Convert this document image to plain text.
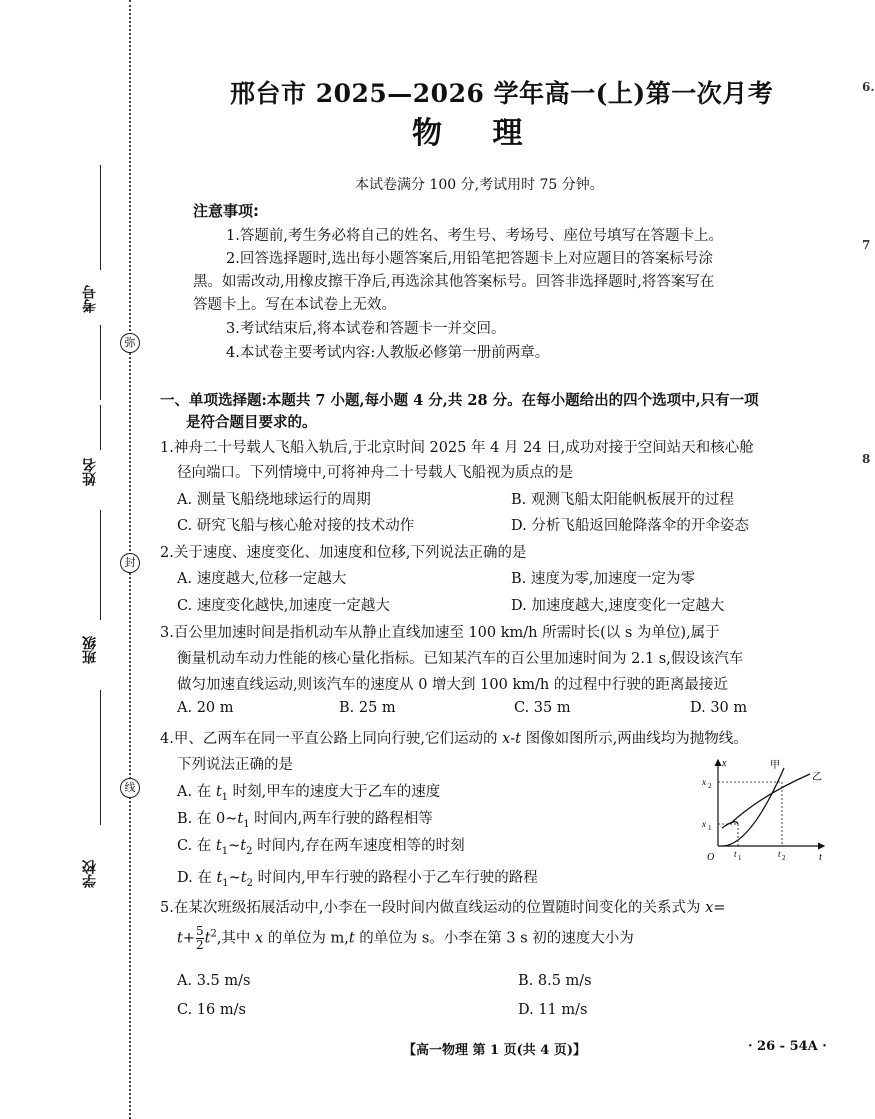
弥
封
线
考号
姓名
班级
学校
6.
7
8
邢台市 2025—2026 学年高一(上)第一次月考
物 理
本试卷满分 100 分,考试用时 75 分钟。
注意事项:
1.答题前,考生务必将自己的姓名、考生号、考场号、座位号填写在答题卡上。
2.回答选择题时,选出每小题答案后,用铅笔把答题卡上对应题目的答案标号涂
黑。如需改动,用橡皮擦干净后,再选涂其他答案标号。回答非选择题时,将答案写在
答题卡上。写在本试卷上无效。
3.考试结束后,将本试卷和答题卡一并交回。
4.本试卷主要考试内容:人教版必修第一册前两章。
一、单项选择题:本题共 7 小题,每小题 4 分,共 28 分。在每小题给出的四个选项中,只有一项
是符合题目要求的。
1.神舟二十号载人飞船入轨后,于北京时间 2025 年 4 月 24 日,成功对接于空间站天和核心舱
径向端口。下列情境中,可将神舟二十号载人飞船视为质点的是
A. 测量飞船绕地球运行的周期	B. 观测飞船太阳能帆板展开的过程
C. 研究飞船与核心舱对接的技术动作	D. 分析飞船返回舱降落伞的开伞姿态
2.关于速度、速度变化、加速度和位移,下列说法正确的是
A. 速度越大,位移一定越大	B. 速度为零,加速度一定为零
C. 速度变化越快,加速度一定越大	D. 加速度越大,速度变化一定越大
3.百公里加速时间是指机动车从静止直线加速至 100 km/h 所需时长(以 s 为单位),属于
衡量机动车动力性能的核心量化指标。已知某汽车的百公里加速时间为 2.1 s,假设该汽车
做匀加速直线运动,则该汽车的速度从 0 增大到 100 km/h 的过程中行驶的距离最接近
A. 20 m	B. 25 m	C. 35 m	D. 30 m
4.甲、乙两车在同一平直公路上同向行驶,它们运动的 x-t 图像如图所示,两曲线均为抛物线。
下列说法正确的是
A. 在 $t_1$ 时刻,甲车的速度大于乙车的速度
B. 在 $0\sim t_1$ 时间内,两车行驶的路程相等
C. 在 $t_1\sim t_2$ 时间内,存在两车速度相等的时刻
D. 在 $t_1\sim t_2$ 时间内,甲车行驶的路程小于乙车行驶的路程
x
t
O
甲
乙
x 2
x 1
t 1	t 2
5.在某次班级拓展活动中,小李在一段时间内做直线运动的位置随时间变化的关系式为 x=
$t+ \frac{5}{2} t^2$,其中 x 的单位为 m,t 的单位为 s。小李在第 3 s 初的速度大小为
A. 3.5 m/s	B. 8.5 m/s
C. 16 m/s	D. 11 m/s
【高一物理 第 1 页(共 4 页)】	· 26 - 54A ·
